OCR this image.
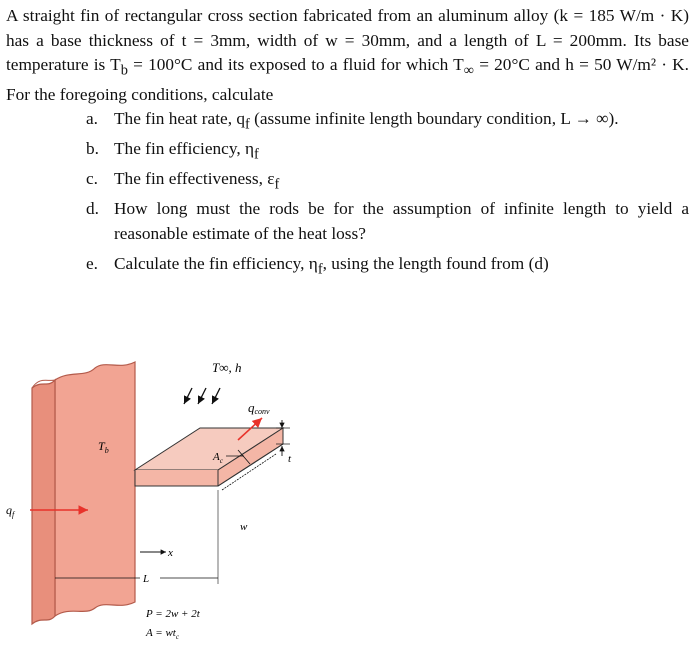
A straight fin of rectangular cross section fabricated from an aluminum alloy (k = 185 W/m · K) has a base thickness of t = 3mm, width of w = 30mm, and a length of L = 200mm. Its base temperature is $T_b = 100^\circ C$ and its exposed to a fluid for which $T_\infty = 20^\circ C$ and h = 50 W/m² · K. For the foregoing conditions, calculate

a. The fin heat rate, $q_f$ (assume infinite length boundary condition, L → ∞).
b. The fin efficiency, $\eta_f$
c. The fin effectiveness, $\varepsilon_f$
d. How long must the rods be for the assumption of infinite length to yield a reasonable estimate of the heat loss?
e. Calculate the fin efficiency, $\eta_f$, using the length found from (d)
T∞, h
qconv
$T_b$
$A_c$	t
w
$q_f$
x
L
P = 2w + 2t
$A = wt_c$
